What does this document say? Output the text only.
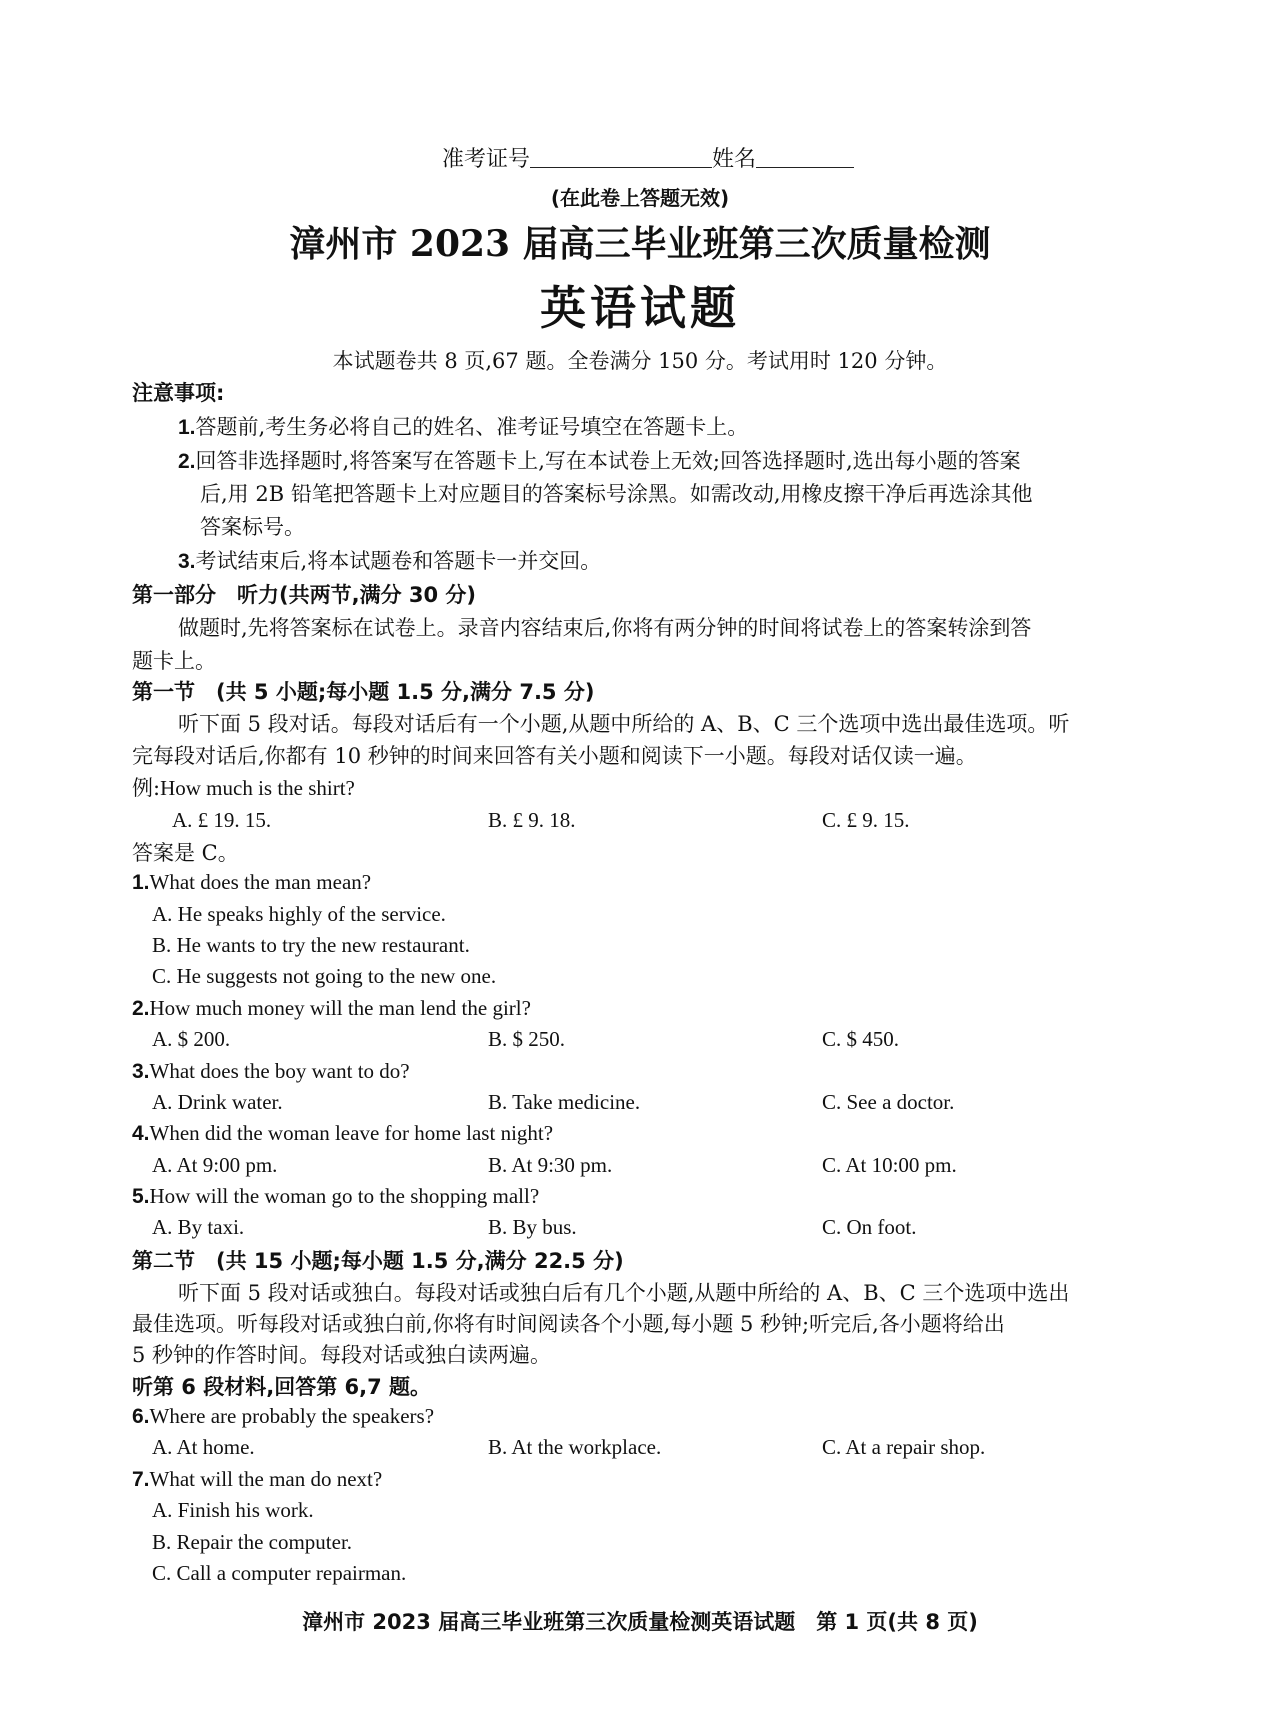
准考证号	姓名
(在此卷上答题无效)
漳州市 2023 届高三毕业班第三次质量检测
英语试题
本试题卷共 8 页,67 题。全卷满分 150 分。考试用时 120 分钟。
注意事项:
1.答题前,考生务必将自己的姓名、准考证号填空在答题卡上。
2.回答非选择题时,将答案写在答题卡上,写在本试卷上无效;回答选择题时,选出每小题的答案
后,用 2B 铅笔把答题卡上对应题目的答案标号涂黑。如需改动,用橡皮擦干净后再选涂其他
答案标号。
3.考试结束后,将本试题卷和答题卡一并交回。
第一部分　听力(共两节,满分 30 分)
做题时,先将答案标在试卷上。录音内容结束后,你将有两分钟的时间将试卷上的答案转涂到答
题卡上。
第一节　(共 5 小题;每小题 1.5 分,满分 7.5 分)
听下面 5 段对话。每段对话后有一个小题,从题中所给的 A、B、C 三个选项中选出最佳选项。听
完每段对话后,你都有 10 秒钟的时间来回答有关小题和阅读下一小题。每段对话仅读一遍。
例:How much is the shirt?
A. £ 19. 15.	B. £ 9. 18.	C. £ 9. 15.
答案是 C。
1.What does the man mean?
A. He speaks highly of the service.
B. He wants to try the new restaurant.
C. He suggests not going to the new one.
2.How much money will the man lend the girl?
A. $ 200.	B. $ 250.	C. $ 450.
3.What does the boy want to do?
A. Drink water.	B. Take medicine.	C. See a doctor.
4.When did the woman leave for home last night?
A. At 9:00 pm.	B. At 9:30 pm.	C. At 10:00 pm.
5.How will the woman go to the shopping mall?
A. By taxi.	B. By bus.	C. On foot.
第二节　(共 15 小题;每小题 1.5 分,满分 22.5 分)
听下面 5 段对话或独白。每段对话或独白后有几个小题,从题中所给的 A、B、C 三个选项中选出
最佳选项。听每段对话或独白前,你将有时间阅读各个小题,每小题 5 秒钟;听完后,各小题将给出
5 秒钟的作答时间。每段对话或独白读两遍。
听第 6 段材料,回答第 6,7 题。
6.Where are probably the speakers?
A. At home.	B. At the workplace.	C. At a repair shop.
7.What will the man do next?
A. Finish his work.
B. Repair the computer.
C. Call a computer repairman.
漳州市 2023 届高三毕业班第三次质量检测英语试题　第 1 页(共 8 页)
